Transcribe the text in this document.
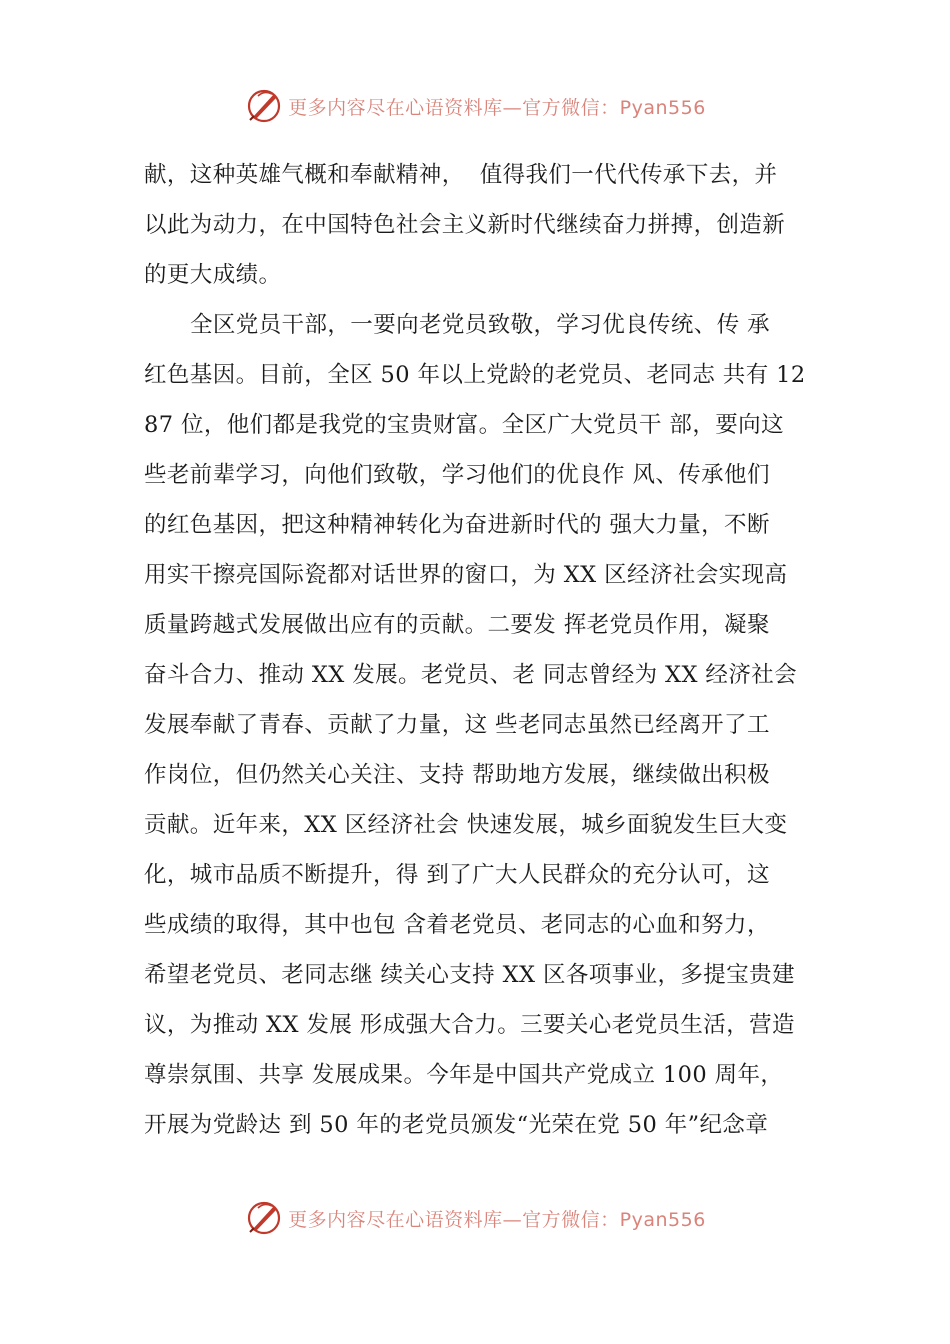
更多内容尽在心语资料库—官方微信：Pyan556
献，这种英雄气概和奉献精神，  值得我们一代代传承下去，并
以此为动力，在中国特色社会主义新时代继续奋力拼搏，创造新
的更大成绩。
全区党员干部，一要向老党员致敬，学习优良传统、传 承
红色基因。目前，全区 50 年以上党龄的老党员、老同志 共有 12
87 位，他们都是我党的宝贵财富。全区广大党员干 部，要向这
些老前辈学习，向他们致敬，学习他们的优良作 风、传承他们
的红色基因，把这种精神转化为奋进新时代的 强大力量，不断
用实干擦亮国际瓷都对话世界的窗口，为 XX 区经济社会实现高
质量跨越式发展做出应有的贡献。二要发 挥老党员作用，凝聚
奋斗合力、推动 XX 发展。老党员、老 同志曾经为 XX 经济社会
发展奉献了青春、贡献了力量，这 些老同志虽然已经离开了工
作岗位，但仍然关心关注、支持 帮助地方发展，继续做出积极
贡献。近年来，XX 区经济社会 快速发展，城乡面貌发生巨大变
化，城市品质不断提升，得 到了广大人民群众的充分认可，这
些成绩的取得，其中也包 含着老党员、老同志的心血和努力，
希望老党员、老同志继 续关心支持 XX 区各项事业，多提宝贵建
议，为推动 XX 发展 形成强大合力。三要关心老党员生活，营造
尊崇氛围、共享 发展成果。今年是中国共产党成立 100 周年，
开展为党龄达 到 50 年的老党员颁发“光荣在党 50 年”纪念章
更多内容尽在心语资料库—官方微信：Pyan556
